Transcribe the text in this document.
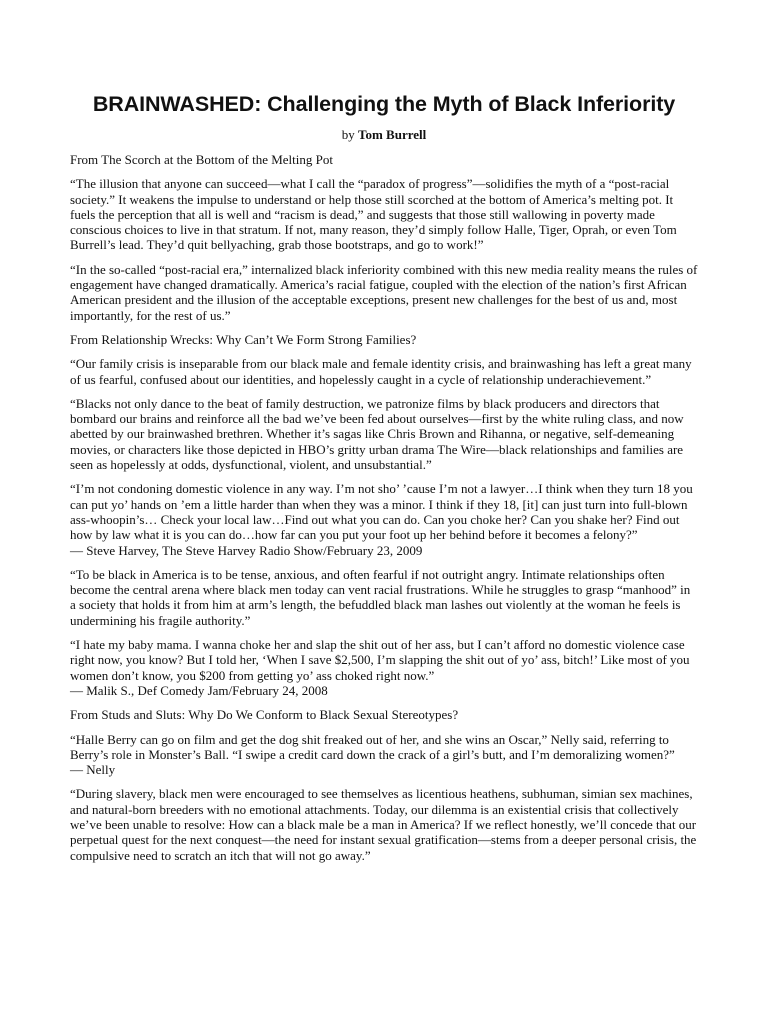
BRAINWASHED: Challenging the Myth of Black Inferiority
by Tom Burrell

From The Scorch at the Bottom of the Melting Pot

“The illusion that anyone can succeed—what I call the “paradox of progress”—solidifies the myth of a “post-racial society.” It weakens the impulse to understand or help those still scorched at the bottom of America’s melting pot. It fuels the perception that all is well and “racism is dead,” and suggests that those still wallowing in poverty made conscious choices to live in that stratum. If not, many reason, they’d simply follow Halle, Tiger, Oprah, or even Tom Burrell’s lead. They’d quit bellyaching, grab those bootstraps, and go to work!”

“In the so-called “post-racial era,” internalized black inferiority combined with this new media reality means the rules of engagement have changed dramatically. America’s racial fatigue, coupled with the election of the nation’s first African American president and the illusion of the acceptable exceptions, present new challenges for the best of us and, most importantly, for the rest of us.”

From Relationship Wrecks: Why Can’t We Form Strong Families?

“Our family crisis is inseparable from our black male and female identity crisis, and brainwashing has left a great many of us fearful, confused about our identities, and hopelessly caught in a cycle of relationship underachievement.”

“Blacks not only dance to the beat of family destruction, we patronize films by black producers and directors that bombard our brains and reinforce all the bad we’ve been fed about ourselves—first by the white ruling class, and now abetted by our brainwashed brethren. Whether it’s sagas like Chris Brown and Rihanna, or negative, self-demeaning movies, or characters like those depicted in HBO’s gritty urban drama The Wire—black relationships and families are seen as hopelessly at odds, dysfunctional, violent, and unsubstantial.”

“I’m not condoning domestic violence in any way. I’m not sho’ ’cause I’m not a lawyer…I think when they turn 18 you can put yo’ hands on ’em a little harder than when they was a minor. I think if they 18, [it] can just turn into full-blown ass-whoopin’s… Check your local law…Find out what you can do. Can you choke her? Can you shake her? Find out how by law what it is you can do…how far can you put your foot up her behind before it becomes a felony?”

— Steve Harvey, The Steve Harvey Radio Show/February 23, 2009

“To be black in America is to be tense, anxious, and often fearful if not outright angry. Intimate relationships often become the central arena where black men today can vent racial frustrations. While he struggles to grasp “manhood” in a society that holds it from him at arm’s length, the befuddled black man lashes out violently at the woman he feels is undermining his fragile authority.”

“I hate my baby mama. I wanna choke her and slap the shit out of her ass, but I can’t afford no domestic violence case right now, you know? But I told her, ‘When I save $2,500, I’m slapping the shit out of yo’ ass, bitch!’ Like most of you women don’t know, you $200 from getting yo’ ass choked right now.”

— Malik S., Def Comedy Jam/February 24, 2008

From Studs and Sluts: Why Do We Conform to Black Sexual Stereotypes?

“Halle Berry can go on film and get the dog shit freaked out of her, and she wins an Oscar,” Nelly said, referring to Berry’s role in Monster’s Ball. “I swipe a credit card down the crack of a girl’s butt, and I’m demoralizing women?”

— Nelly

“During slavery, black men were encouraged to see themselves as licentious heathens, subhuman, simian sex machines, and natural-born breeders with no emotional attachments. Today, our dilemma is an existential crisis that collectively we’ve been unable to resolve: How can a black male be a man in America? If we reflect honestly, we’ll concede that our perpetual quest for the next conquest—the need for instant sexual gratification—stems from a deeper personal crisis, the compulsive need to scratch an itch that will not go away.”
